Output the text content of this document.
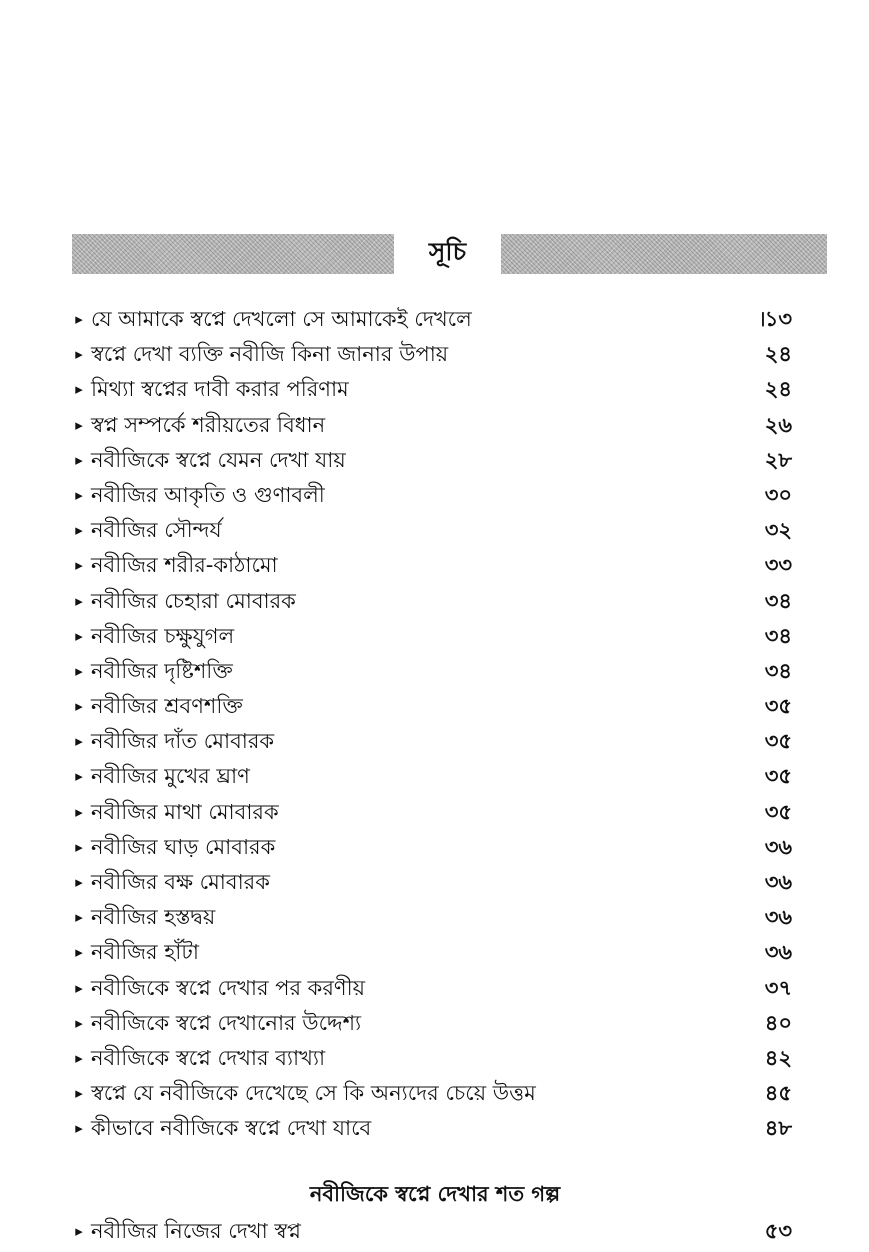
সূচি
▸ যে আমাকে স্বপ্নে দেখলো সে আমাকেই দেখলে	৷১৩
▸ স্বপ্নে দেখা ব্যক্তি নবীজি কিনা জানার উপায়	২৪
▸ মিথ্যা স্বপ্নের দাবী করার পরিণাম	২৪
▸ স্বপ্ন সম্পর্কে শরীয়তের বিধান	২৬
▸ নবীজিকে স্বপ্নে যেমন দেখা যায়	২৮
▸ নবীজির আকৃতি ও গুণাবলী	৩০
▸ নবীজির সৌন্দর্য	৩২
▸ নবীজির শরীর-কাঠামো	৩৩
▸ নবীজির চেহারা মোবারক	৩৪
▸ নবীজির চক্ষুযুগল	৩৪
▸ নবীজির দৃষ্টিশক্তি	৩৪
▸ নবীজির শ্রবণশক্তি	৩৫
▸ নবীজির দাঁত মোবারক	৩৫
▸ নবীজির মুখের ঘ্রাণ	৩৫
▸ নবীজির মাথা মোবারক	৩৫
▸ নবীজির ঘাড় মোবারক	৩৬
▸ নবীজির বক্ষ মোবারক	৩৬
▸ নবীজির হস্তদ্বয়	৩৬
▸ নবীজির হাঁটা	৩৬
▸ নবীজিকে স্বপ্নে দেখার পর করণীয়	৩৭
▸ নবীজিকে স্বপ্নে দেখানোর উদ্দেশ্য	৪০
▸ নবীজিকে স্বপ্নে দেখার ব্যাখ্যা	৪২
▸ স্বপ্নে যে নবীজিকে দেখেছে সে কি অন্যদের চেয়ে উত্তম	৪৫
▸ কীভাবে নবীজিকে স্বপ্নে দেখা যাবে	৪৮
নবীজিকে স্বপ্নে দেখার শত গল্প
▸ নবীজির নিজের দেখা স্বপ্ন	৫৩
